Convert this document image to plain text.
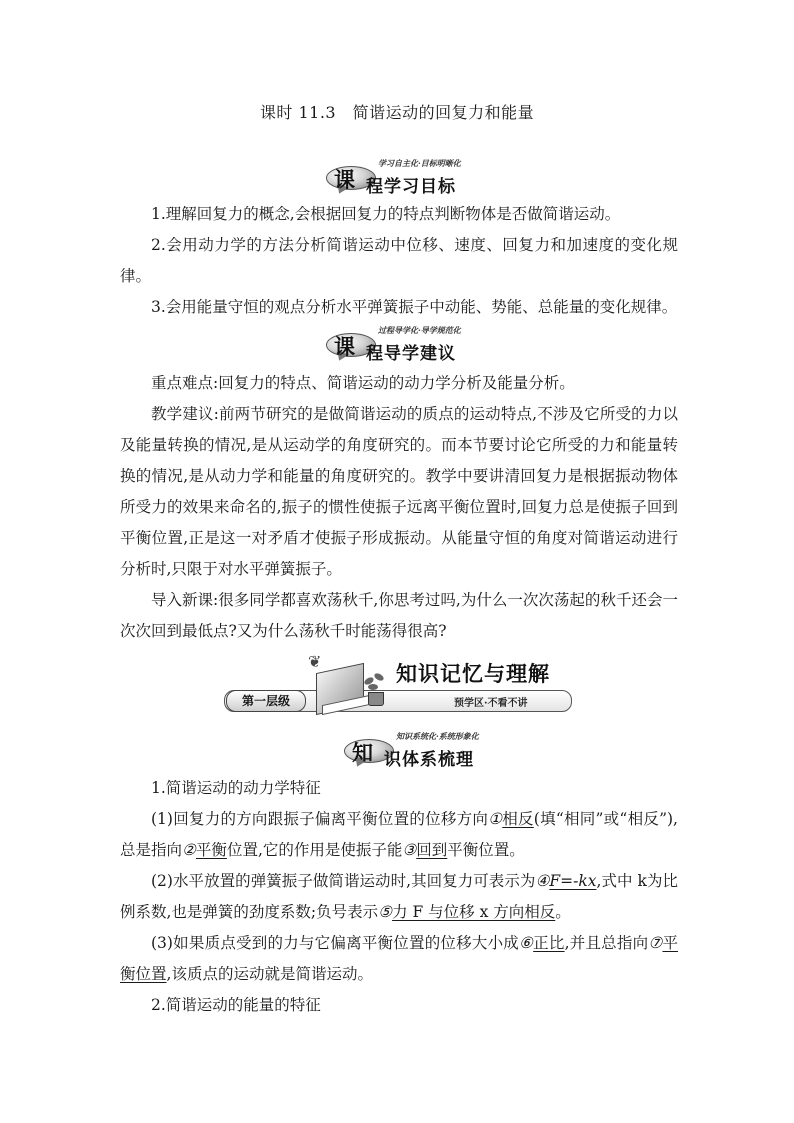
课时 11.3　简谐运动的回复力和能量
学习自主化·目标明晰化
课 程学习目标
1.理解回复力的概念,会根据回复力的特点判断物体是否做简谐运动。
2.会用动力学的方法分析简谐运动中位移、速度、回复力和加速度的变化规律。
3.会用能量守恒的观点分析水平弹簧振子中动能、势能、总能量的变化规律。
过程导学化·导学规范化
课 程导学建议
重点难点:回复力的特点、简谐运动的动力学分析及能量分析。
教学建议:前两节研究的是做简谐运动的质点的运动特点,不涉及它所受的力以及能量转换的情况,是从运动学的角度研究的。而本节要讨论它所受的力和能量转换的情况,是从动力学和能量的角度研究的。教学中要讲清回复力是根据振动物体所受力的效果来命名的,振子的惯性使振子远离平衡位置时,回复力总是使振子回到平衡位置,正是这一对矛盾才使振子形成振动。从能量守恒的角度对简谐运动进行分析时,只限于对水平弹簧振子。
导入新课:很多同学都喜欢荡秋千,你思考过吗,为什么一次次荡起的秋千还会一次次回到最低点?又为什么荡秋千时能荡得很高?
第一层级
❦
知识记忆与理解
预学区·不看不讲
知识系统化·系统形象化
知 识体系梳理
1.简谐运动的动力学特征
(1)回复力的方向跟振子偏离平衡位置的位移方向①相反(填“相同”或“相反”),总是指向②平衡位置,它的作用是使振子能③回到平衡位置。
(2)水平放置的弹簧振子做简谐运动时,其回复力可表示为④F=-kx,式中 k为比例系数,也是弹簧的劲度系数;负号表示⑤力 F 与位移 x 方向相反。
(3)如果质点受到的力与它偏离平衡位置的位移大小成⑥正比,并且总指向⑦平衡位置,该质点的运动就是简谐运动。
2.简谐运动的能量的特征
